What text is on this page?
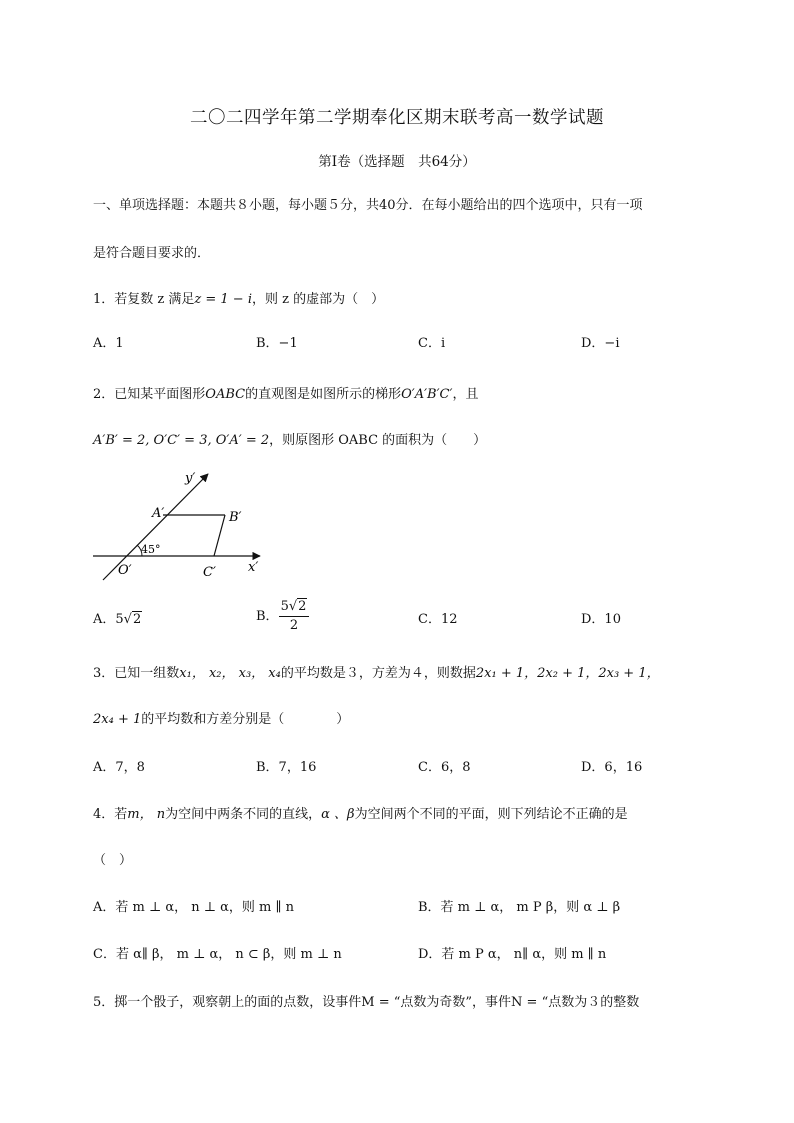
二〇二四学年第二学期奉化区期末联考高一数学试题
第Ⅰ卷（选择题　共64分）
一、单项选择题：本题共８小题，每小题５分，共40分．在每小题给出的四个选项中，只有一项
是符合题目要求的．
1．若复数 z 满足z = 1 − i，则 z 的虚部为（　）
A．1	B．−1	C．i	D．−i
2．已知某平面图形OABC的直观图是如图所示的梯形O′A′B′C′，且
A′B′ = 2, O′C′ = 3, O′A′ = 2，则原图形 OABC 的面积为（　　）
y′
x′
A′	B′
O′	C′
45°
A．5√2	B． $\frac{5√2}{2}$	C．12	D．10
3．已知一组数x₁， x₂， x₃， x₄的平均数是３，方差为４，则数据2x₁ + 1，2x₂ + 1，2x₃ + 1，
2x₄ + 1的平均数和方差分别是（　　　　）
A．7，8	B．7，16	C．6，8	D．6，16
4．若m， n为空间中两条不同的直线，α 、β为空间两个不同的平面，则下列结论不正确的是
（　）
A．若 m ⊥ α， n ⊥ α，则 m ∥ n	B．若 m ⊥ α， m P β，则 α ⊥ β
C．若 α∥ β， m ⊥ α， n ⊂ β，则 m ⊥ n	D．若 m P α， n∥ α，则 m ∥ n
5．掷一个骰子，观察朝上的面的点数，设事件M = “点数为奇数”，事件N = “点数为３的整数
